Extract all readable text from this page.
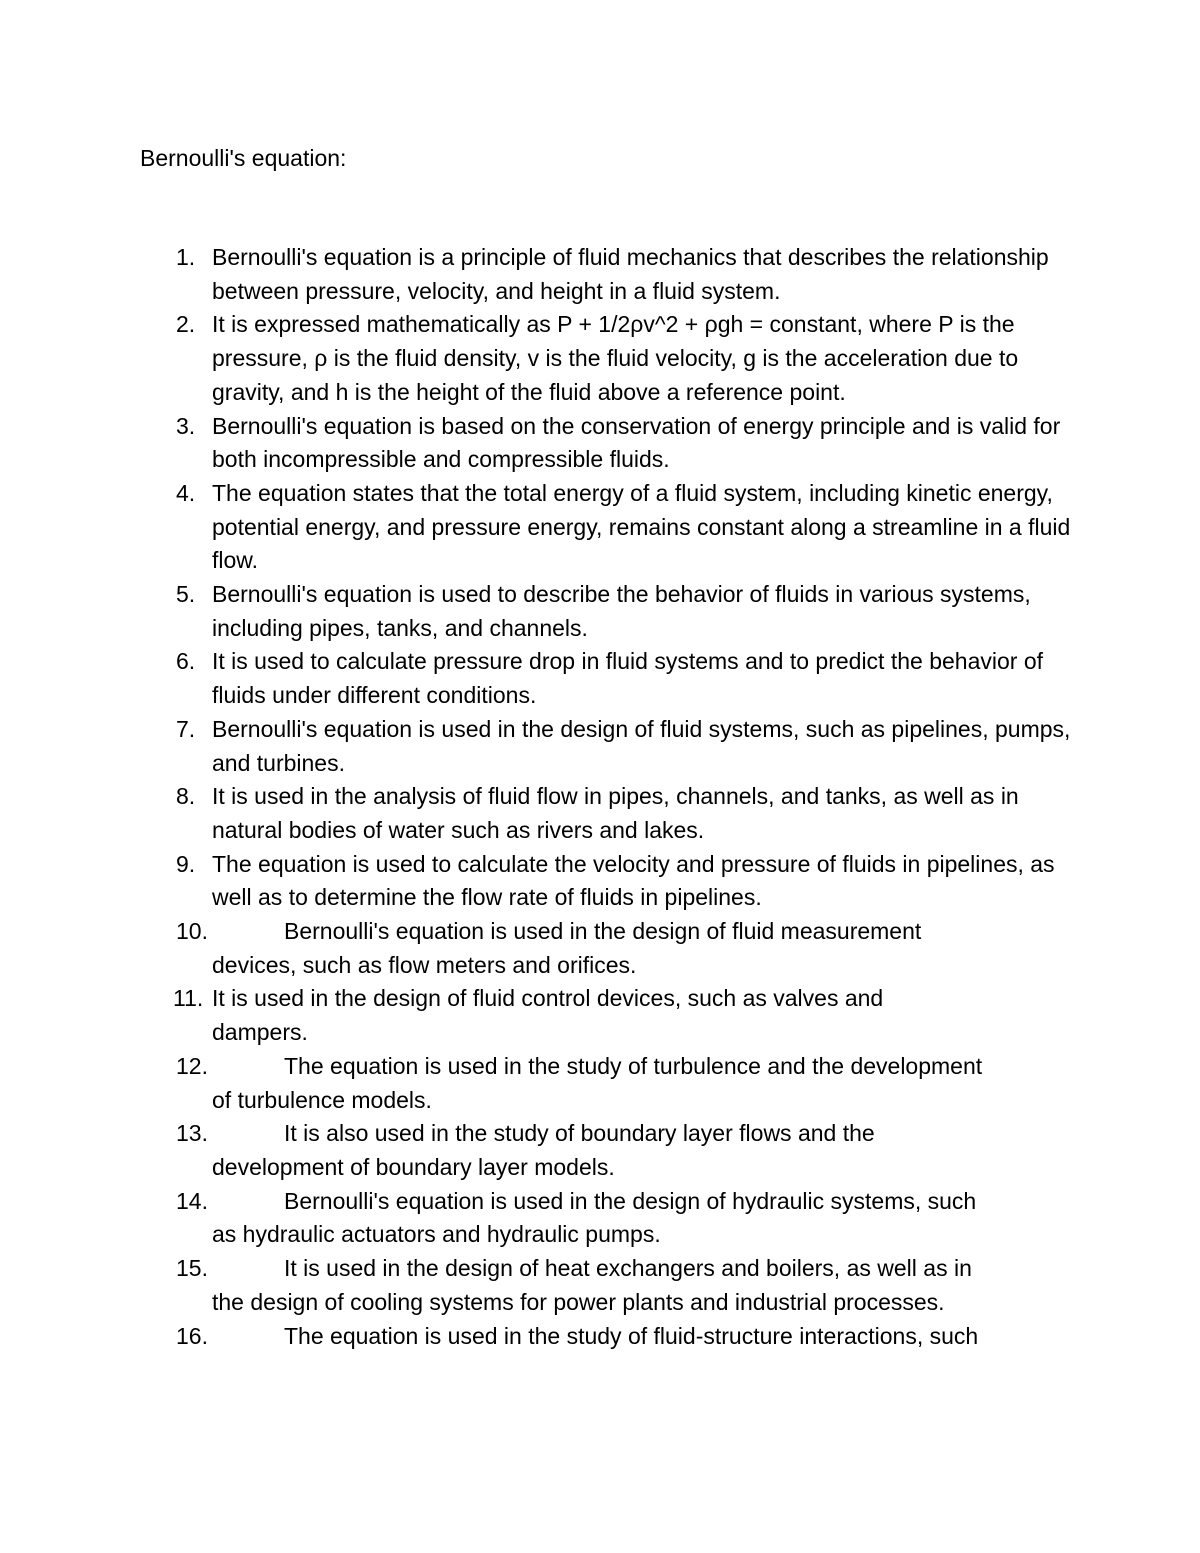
Bernoulli's equation:
1. Bernoulli's equation is a principle of fluid mechanics that describes the relationship between pressure, velocity, and height in a fluid system.
2. It is expressed mathematically as P + 1/2ρv^2 + ρgh = constant, where P is the pressure, ρ is the fluid density, v is the fluid velocity, g is the acceleration due to gravity, and h is the height of the fluid above a reference point.
3. Bernoulli's equation is based on the conservation of energy principle and is valid for both incompressible and compressible fluids.
4. The equation states that the total energy of a fluid system, including kinetic energy, potential energy, and pressure energy, remains constant along a streamline in a fluid flow.
5. Bernoulli's equation is used to describe the behavior of fluids in various systems, including pipes, tanks, and channels.
6. It is used to calculate pressure drop in fluid systems and to predict the behavior of fluids under different conditions.
7. Bernoulli's equation is used in the design of fluid systems, such as pipelines, pumps, and turbines.
8. It is used in the analysis of fluid flow in pipes, channels, and tanks, as well as in natural bodies of water such as rivers and lakes.
9. The equation is used to calculate the velocity and pressure of fluids in pipelines, as well as to determine the flow rate of fluids in pipelines.
10.	Bernoulli's equation is used in the design of fluid measurement
devices, such as flow meters and orifices.
11. It is used in the design of fluid control devices, such as valves and
dampers.
12.	The equation is used in the study of turbulence and the development
of turbulence models.
13.	It is also used in the study of boundary layer flows and the
development of boundary layer models.
14.	Bernoulli's equation is used in the design of hydraulic systems, such
as hydraulic actuators and hydraulic pumps.
15.	It is used in the design of heat exchangers and boilers, as well as in
the design of cooling systems for power plants and industrial processes.
16.	The equation is used in the study of fluid-structure interactions, such
